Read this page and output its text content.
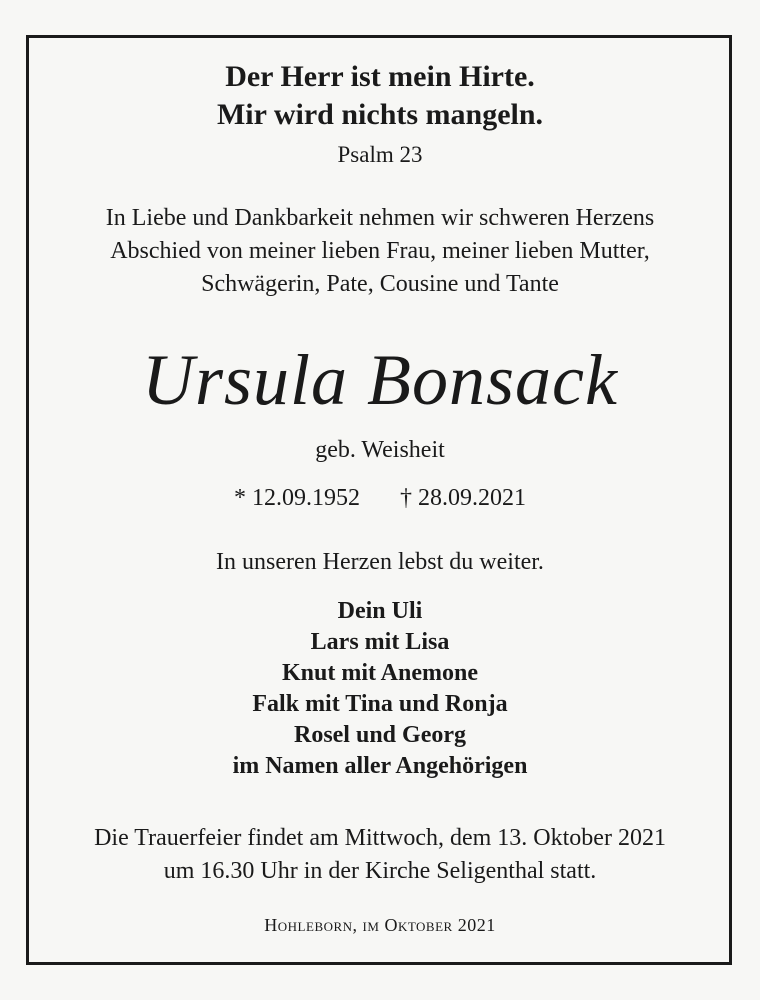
Der Herr ist mein Hirte.
Mir wird nichts mangeln.
Psalm 23
In Liebe und Dankbarkeit nehmen wir schweren Herzens
Abschied von meiner lieben Frau, meiner lieben Mutter,
Schwägerin, Pate, Cousine und Tante
Ursula Bonsack
geb. Weisheit
* 12.09.1952 † 28.09.2021
In unseren Herzen lebst du weiter.
Dein Uli
Lars mit Lisa
Knut mit Anemone
Falk mit Tina und Ronja
Rosel und Georg
im Namen aller Angehörigen
Die Trauerfeier findet am Mittwoch, dem 13. Oktober 2021
um 16.30 Uhr in der Kirche Seligenthal statt.
Hohleborn, im Oktober 2021
